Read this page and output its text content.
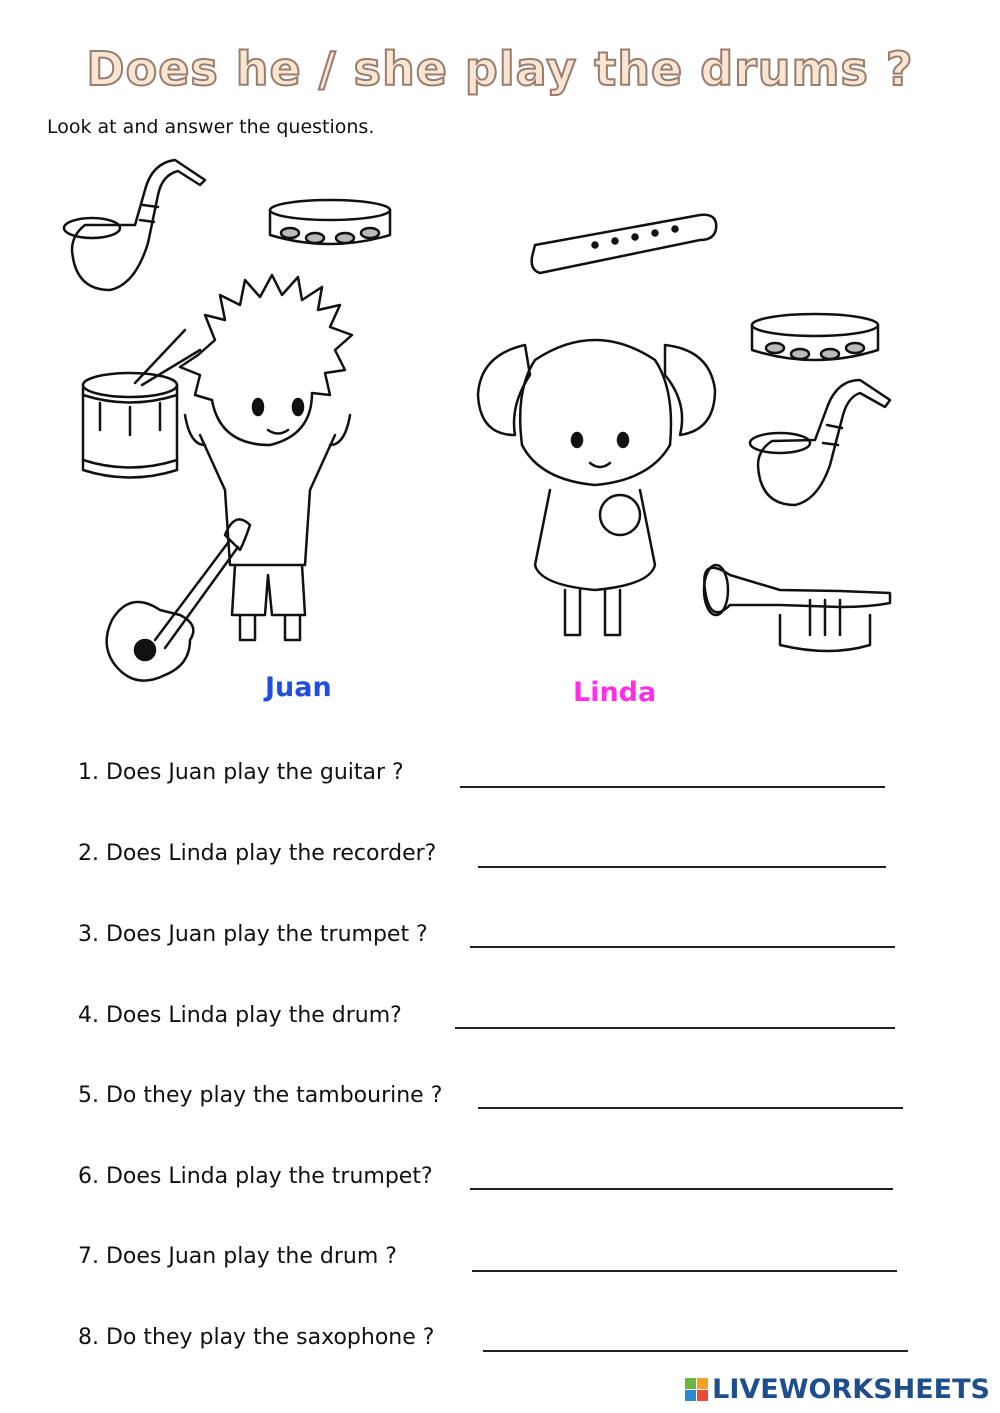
Does he / she play the drums ?
Look at and answer the questions.
Juan	Linda
1. Does Juan play the guitar ?
2. Does Linda play the recorder?
3. Does Juan play the trumpet ?
4. Does Linda play the drum?
5. Do they play the tambourine ?
6. Does Linda play the trumpet?
7. Does Juan play the drum ?
8. Do they play the saxophone ?
LIVEWORKSHEETS
